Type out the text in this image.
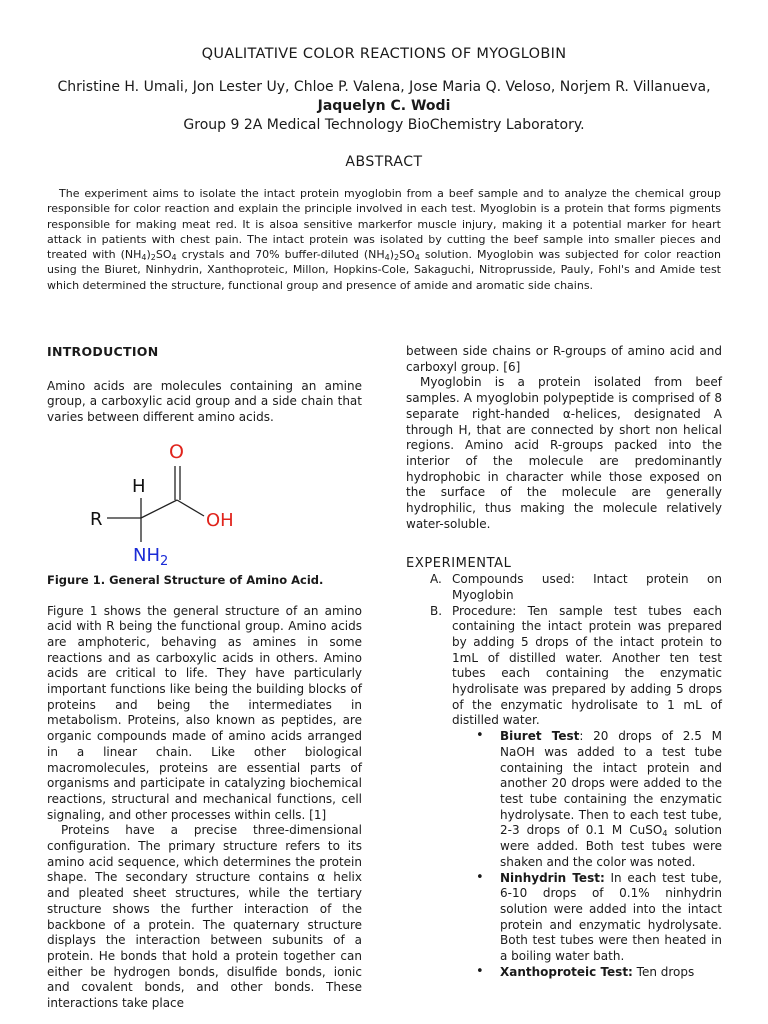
QUALITATIVE COLOR REACTIONS OF MYOGLOBIN
Christine H. Umali, Jon Lester Uy, Chloe P. Valena, Jose Maria Q. Veloso, Norjem R. Villanueva, Jaquelyn C. Wodi
Group 9 2A Medical Technology BioChemistry Laboratory.
ABSTRACT
The experiment aims to isolate the intact protein myoglobin from a beef sample and to analyze the chemical group responsible for color reaction and explain the principle involved in each test. Myoglobin is a protein that forms pigments responsible for making meat red. It is alsoa sensitive markerfor muscle injury, making it a potential marker for heart attack in patients with chest pain. The intact protein was isolated by cutting the beef sample into smaller pieces and treated with $(NH_4)_2SO_4$ crystals and 70% buffer-diluted $(NH_4)_2SO_4$ solution. Myoglobin was subjected for color reaction using the Biuret, Ninhydrin, Xanthoproteic, Millon, Hopkins-Cole, Sakaguchi, Nitroprusside, Pauly, Fohl's and Amide test which determined the structure, functional group and presence of amide and aromatic side chains.
INTRODUCTION

Amino acids are molecules containing an amine group, a carboxylic acid group and a side chain that varies between different amino acids.

O
H
R	OH
$NH_2$

Figure 1. General Structure of Amino Acid.

Figure 1 shows the general structure of an amino acid with R being the functional group. Amino acids are amphoteric, behaving as amines in some reactions and as carboxylic acids in others. Amino acids are critical to life. They have particularly important functions like being the building blocks of proteins and being the intermediates in metabolism. Proteins, also known as peptides, are organic compounds made of amino acids arranged in a linear chain. Like other biological macromolecules, proteins are essential parts of organisms and participate in catalyzing biochemical reactions, structural and mechanical functions, cell signaling, and other processes within cells. [1]

Proteins have a precise three-dimensional configuration. The primary structure refers to its amino acid sequence, which determines the protein shape. The secondary structure contains α helix and pleated sheet structures, while the tertiary structure shows the further interaction of the backbone of a protein. The quaternary structure displays the interaction between subunits of a protein. He bonds that hold a protein together can either be hydrogen bonds, disulfide bonds, ionic and covalent bonds, and other bonds. These interactions take place

between side chains or R-groups of amino acid and carboxyl group. [6]

Myoglobin is a protein isolated from beef samples. A myoglobin polypeptide is comprised of 8 separate right-handed α-helices, designated A through H, that are connected by short non helical regions. Amino acid R-groups packed into the interior of the molecule are predominantly hydrophobic in character while those exposed on the surface of the molecule are generally hydrophilic, thus making the molecule relatively water-soluble.

EXPERIMENTAL
A. Compounds used: Intact protein on Myoglobin
B. Procedure: Ten sample test tubes each containing the intact protein was prepared by adding 5 drops of the intact protein to 1mL of distilled water. Another ten test tubes each containing the enzymatic hydrolisate was prepared by adding 5 drops of the enzymatic hydrolisate to 1 mL of distilled water.
• Biuret Test: 20 drops of 2.5 M NaOH was added to a test tube containing the intact protein and another 20 drops were added to the test tube containing the enzymatic hydrolysate. Then to each test tube, 2-3 drops of 0.1 M CuSO$_4$ solution were added. Both test tubes were shaken and the color was noted.
• Ninhydrin Test: In each test tube, 6-10 drops of 0.1% ninhydrin solution were added into the intact protein and enzymatic hydrolysate. Both test tubes were then heated in a boiling water bath.
• Xanthoproteic Test: Ten drops
